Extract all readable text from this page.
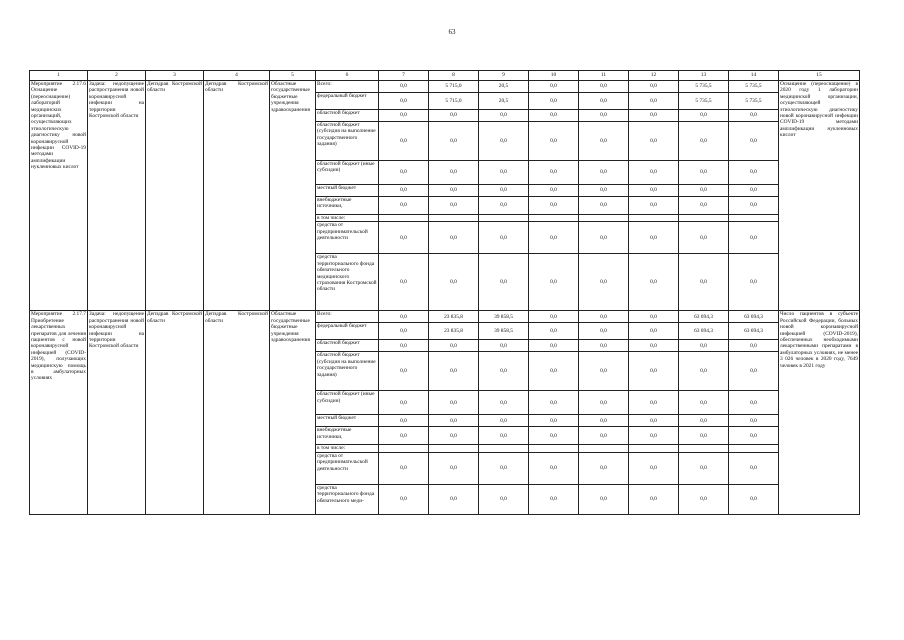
63
1	2	3	4	5	6	7	8	9	10	11	12	13	14	15
Мероприятие 2.17.6 Оснащение (переоснащение) лабораторий медицинских организаций, осуществляющих этиологическую диагностику новой коронавирусной инфекции COVID-19 методами амплификации нуклеиновых кислот	Задача: недопущение распространения новой коронавирусной инфекции на территории Костромской области	Депздрав Костромской области	Депздрав Костромской области	Областные государственные бюджетные учреждения здравоохранения	Всего:	0,0	5 715,0	20,5	0,0	0,0	0,0	5 735,5	5 735,5	Оснащение (переоснащение) в 2020 году 1 лаборатории медицинской организации, осуществляющей этиологическую диагностику новой коронавирусной инфекции COVID-19 методами амплификации нуклеиновых кислот
					федеральный бюджет	0,0	5 715,0	20,5	0,0	0,0	0,0	5 735,5	5 735,5	
					областной бюджет	0,0	0,0	0,0	0,0	0,0	0,0	0,0	0,0	
					областной бюджет (субсидия на выполнение государственного задания)	0,0	0,0	0,0	0,0	0,0	0,0	0,0	0,0	
					областной бюджет (иные субсидии)	0,0	0,0	0,0	0,0	0,0	0,0	0,0	0,0	
					местный бюджет	0,0	0,0	0,0	0,0	0,0	0,0	0,0	0,0	
					внебюджетные источники,	0,0	0,0	0,0	0,0	0,0	0,0	0,0	0,0	
					в том числе:									
					средства от предпринимательской деятельности	0,0	0,0	0,0	0,0	0,0	0,0	0,0	0,0	
					средства территориального фонда обязательного медицинского страхования Костромской области	0,0	0,0	0,0	0,0	0,0	0,0	0,0	0,0	
Мероприятие 2.17.7 Приобретение лекарственных препаратов для лечения пациентов с новой коронавирусной инфекцией (COVID-2019), получающих медицинскую помощь в амбулаторных условиях	Задача: недопущение распространения новой коронавирусной инфекции на территории Костромской области	Депздрав Костромской области	Депздрав Костромской области	Областные государственные бюджетные учреждения здравоохранения	Всего:	0,0	23 835,8	39 858,5	0,0	0,0	0,0	63 694,3	63 694,3	Число пациентов в субъекте Российской Федерации, больных новой коронавирусной инфекцией (COVID-2019), обеспеченных необходимыми лекарственными препаратами в амбулаторных условиях, не менее 3 026 человек в 2020 году, 7649 человек в 2021 году
					федеральный бюджет	0,0	23 835,8	39 858,5	0,0	0,0	0,0	63 694,3	63 694,3	
					областной бюджет	0,0	0,0	0,0	0,0	0,0	0,0	0,0	0,0	
					областной бюджет (субсидия на выполнение государственного задания)	0,0	0,0	0,0	0,0	0,0	0,0	0,0	0,0	
					областной бюджет (иные субсидии)	0,0	0,0	0,0	0,0	0,0	0,0	0,0	0,0	
					местный бюджет	0,0	0,0	0,0	0,0	0,0	0,0	0,0	0,0	
					внебюджетные источники,	0,0	0,0	0,0	0,0	0,0	0,0	0,0	0,0	
					в том числе:									
					средства от предпринимательской деятельности	0,0	0,0	0,0	0,0	0,0	0,0	0,0	0,0	
					средства территориального фонда обязательного меди-	0,0	0,0	0,0	0,0	0,0	0,0	0,0	0,0	
